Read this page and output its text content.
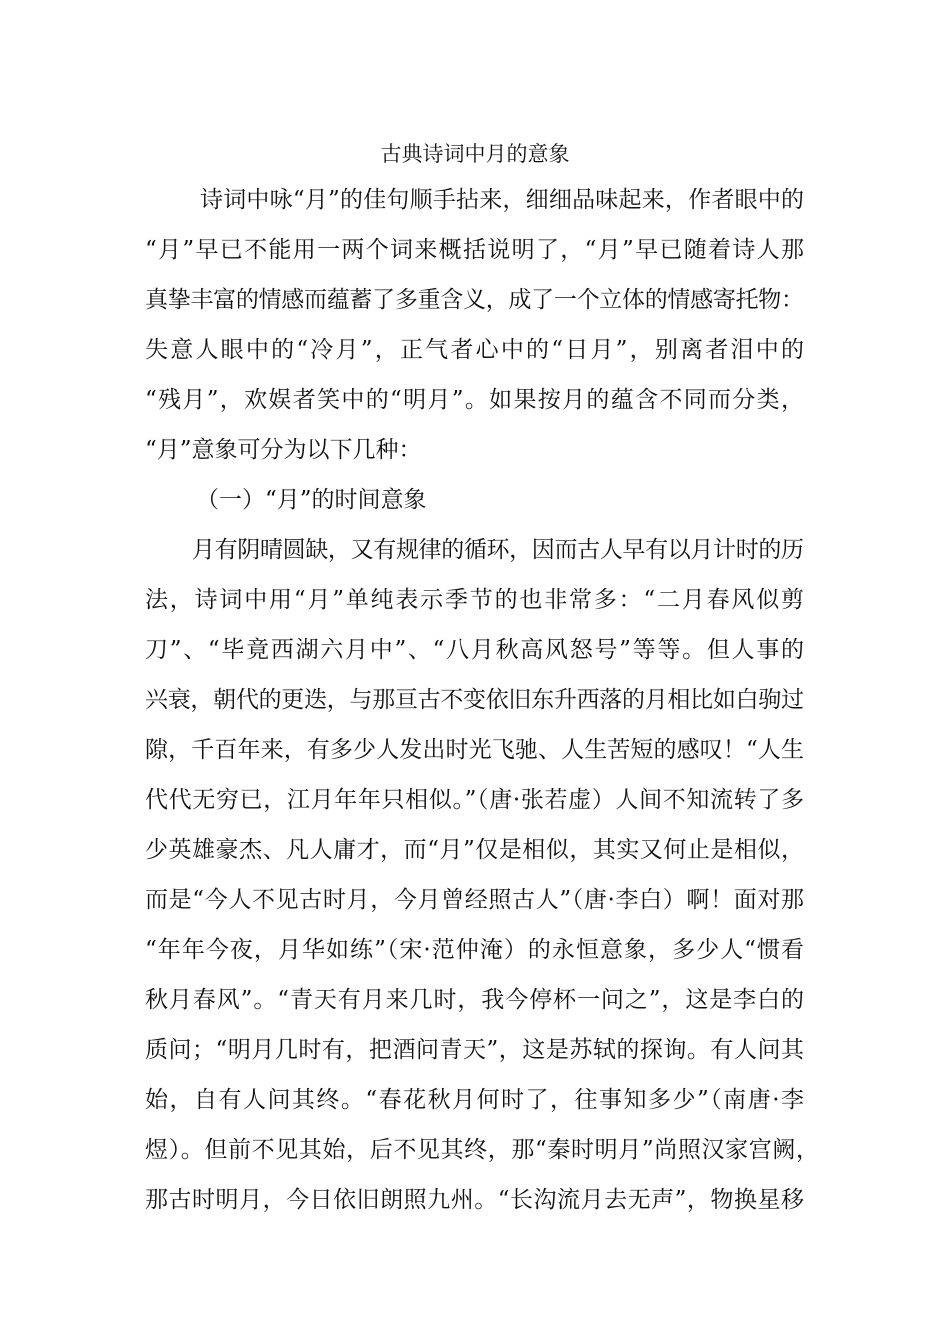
古典诗词中月的意象
诗词中咏“月”的佳句顺手拈来，细细品味起来，作者眼中的
“月”早已不能用一两个词来概括说明了，“月”早已随着诗人那
真挚丰富的情感而蕴蓄了多重含义，成了一个立体的情感寄托物：
失意人眼中的“冷月”，正气者心中的“日月”，别离者泪中的
“残月”，欢娱者笑中的“明月”。如果按月的蕴含不同而分类，
“月”意象可分为以下几种：
（一）“月”的时间意象
月有阴晴圆缺，又有规律的循环，因而古人早有以月计时的历
法，诗词中用“月”单纯表示季节的也非常多：“二月春风似剪
刀”、“毕竟西湖六月中”、“八月秋高风怒号”等等。但人事的
兴衰，朝代的更迭，与那亘古不变依旧东升西落的月相比如白驹过
隙，千百年来，有多少人发出时光飞驰、人生苦短的感叹！“人生
代代无穷已，江月年年只相似。”（唐·张若虚）人间不知流转了多
少英雄豪杰、凡人庸才，而“月”仅是相似，其实又何止是相似，
而是“今人不见古时月，今月曾经照古人”（唐·李白）啊！面对那
“年年今夜，月华如练”（宋·范仲淹）的永恒意象，多少人“惯看
秋月春风”。“青天有月来几时，我今停杯一问之”，这是李白的
质问；“明月几时有，把酒问青天”，这是苏轼的探询。有人问其
始，自有人问其终。“春花秋月何时了，往事知多少”（南唐·李
煜）。但前不见其始，后不见其终，那“秦时明月”尚照汉家宫阙，
那古时明月，今日依旧朗照九州。“长沟流月去无声”，物换星移
